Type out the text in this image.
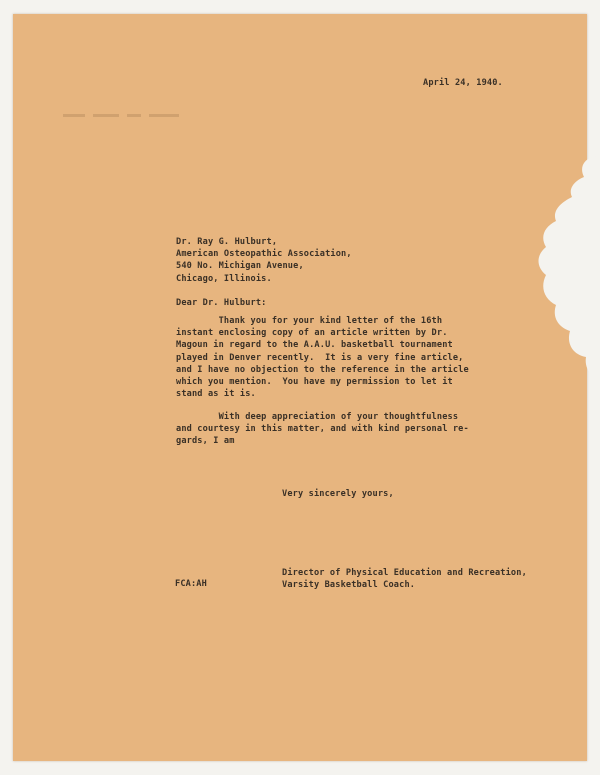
April 24, 1940.
Dr. Ray G. Hulburt,
American Osteopathic Association,
540 No. Michigan Avenue,
Chicago, Illinois.
Dear Dr. Hulburt:
Thank you for your kind letter of the 16th
instant enclosing copy of an article written by Dr.
Magoun in regard to the A.A.U. basketball tournament
played in Denver recently.  It is a very fine article,
and I have no objection to the reference in the article
which you mention.  You have my permission to let it
stand as it is.
With deep appreciation of your thoughtfulness
and courtesy in this matter, and with kind personal re-
gards, I am
Very sincerely yours,
Director of Physical Education and Recreation,
Varsity Basketball Coach.
FCA:AH
